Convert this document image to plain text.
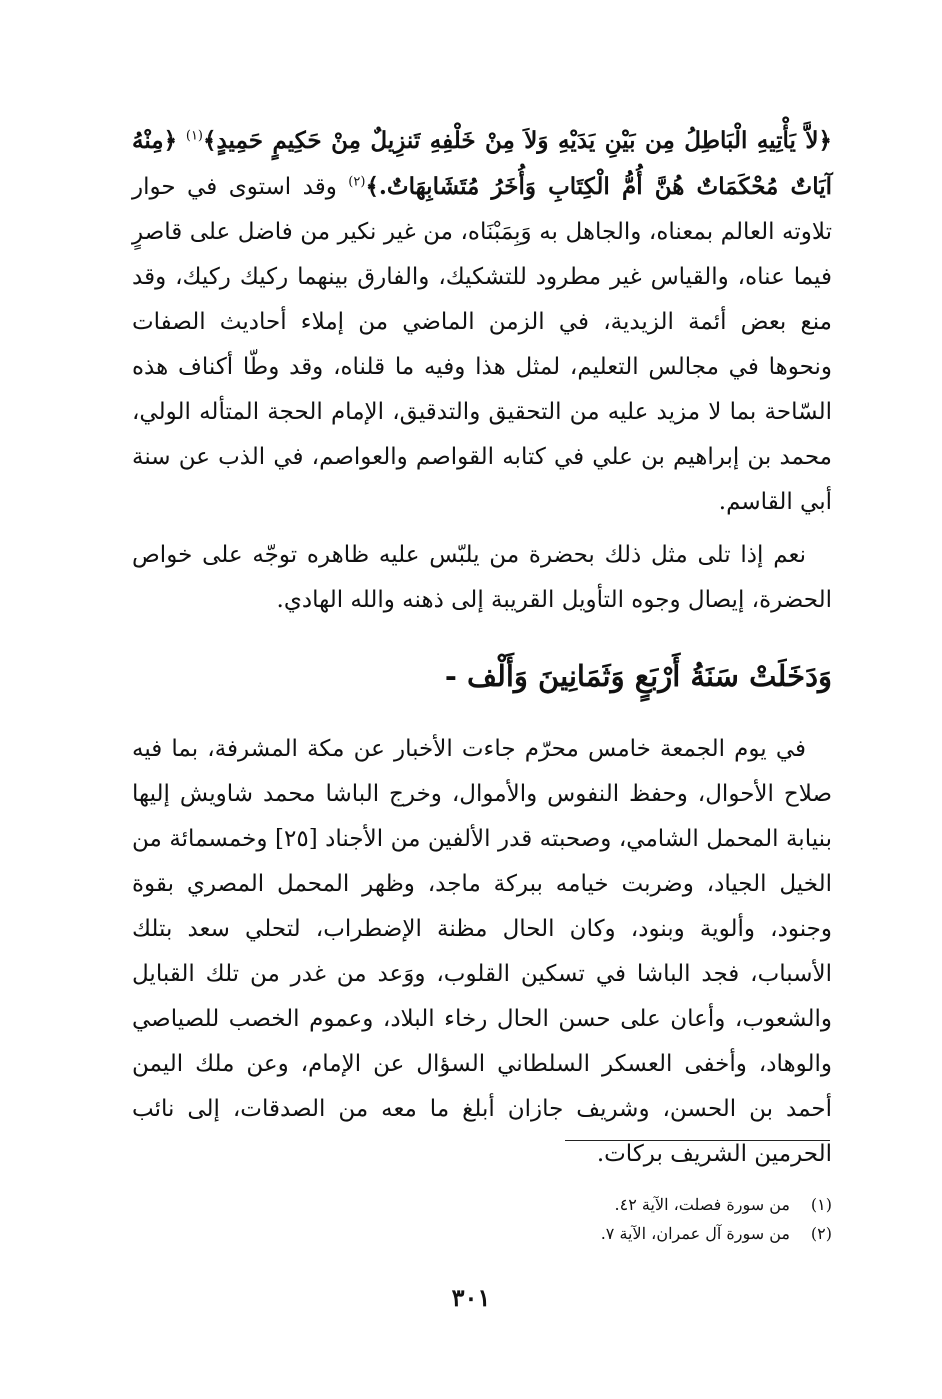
﴿لاَّ يَأْتِيهِ الْبَاطِلُ مِن بَيْنِ يَدَيْهِ وَلاَ مِنْ خَلْفِهِ تَنزِيلٌ مِنْ حَكِيمٍ حَمِيدٍ﴾$^{(١)}$ ﴿مِنْهُ آيَاتٌ مُحْكَمَاتٌ هُنَّ أُمُّ الْكِتَابِ وَأُخَرُ مُتَشَابِهَاتٌ.﴾$^{(٢)}$ وقد استوى في حوار تلاوته العالم بمعناه، والجاهل به وَبِمَبْنَاه، من غير نكير من فاضل على قاصرٍ فيما عناه، والقياس غير مطرود للتشكيك، والفارق بينهما ركيك ركيك، وقد منع بعض أئمة الزيدية، في الزمن الماضي من إملاء أحاديث الصفات ونحوها في مجالس التعليم، لمثل هذا وفيه ما قلناه، وقد وطّا أكناف هذه السّاحة بما لا مزيد عليه من التحقيق والتدقيق، الإمام الحجة المتأله الولي، محمد بن إبراهيم بن علي في كتابه القواصم والعواصم، في الذب عن سنة أبي القاسم.

نعم إذا تلى مثل ذلك بحضرة من يلبّس عليه ظاهره توجّه على خواص الحضرة، إيصال وجوه التأويل القريبة إلى ذهنه والله الهادي.

وَدَخَلَتْ سَنَةُ أَرْبَعٍ وَثَمَانِينَ وَأَلْف -

في يوم الجمعة خامس محرّم جاءت الأخبار عن مكة المشرفة، بما فيه صلاح الأحوال، وحفظ النفوس والأموال، وخرج الباشا محمد شاويش إليها بنيابة المحمل الشامي، وصحبته قدر الألفين من الأجناد [٢٥] وخمسمائة من الخيل الجياد، وضربت خيامه ببركة ماجد، وظهر المحمل المصري بقوة وجنود، وألوية وبنود، وكان الحال مظنة الإضطراب، لتحلي سعد بتلك الأسباب، فجد الباشا في تسكين القلوب، ووَعد من غدر من تلك القبايل والشعوب، وأعان على حسن الحال رخاء البلاد، وعموم الخصب للصياصي والوهاد، وأخفى العسكر السلطاني السؤال عن الإمام، وعن ملك اليمن أحمد بن الحسن، وشريف جازان أبلغ ما معه من الصدقات، إلى نائب الحرمين الشريف بركات.

(١)
من سورة فصلت، الآية ٤٢.
(٢)
من سورة آل عمران، الآية ٧.
٣٠١
